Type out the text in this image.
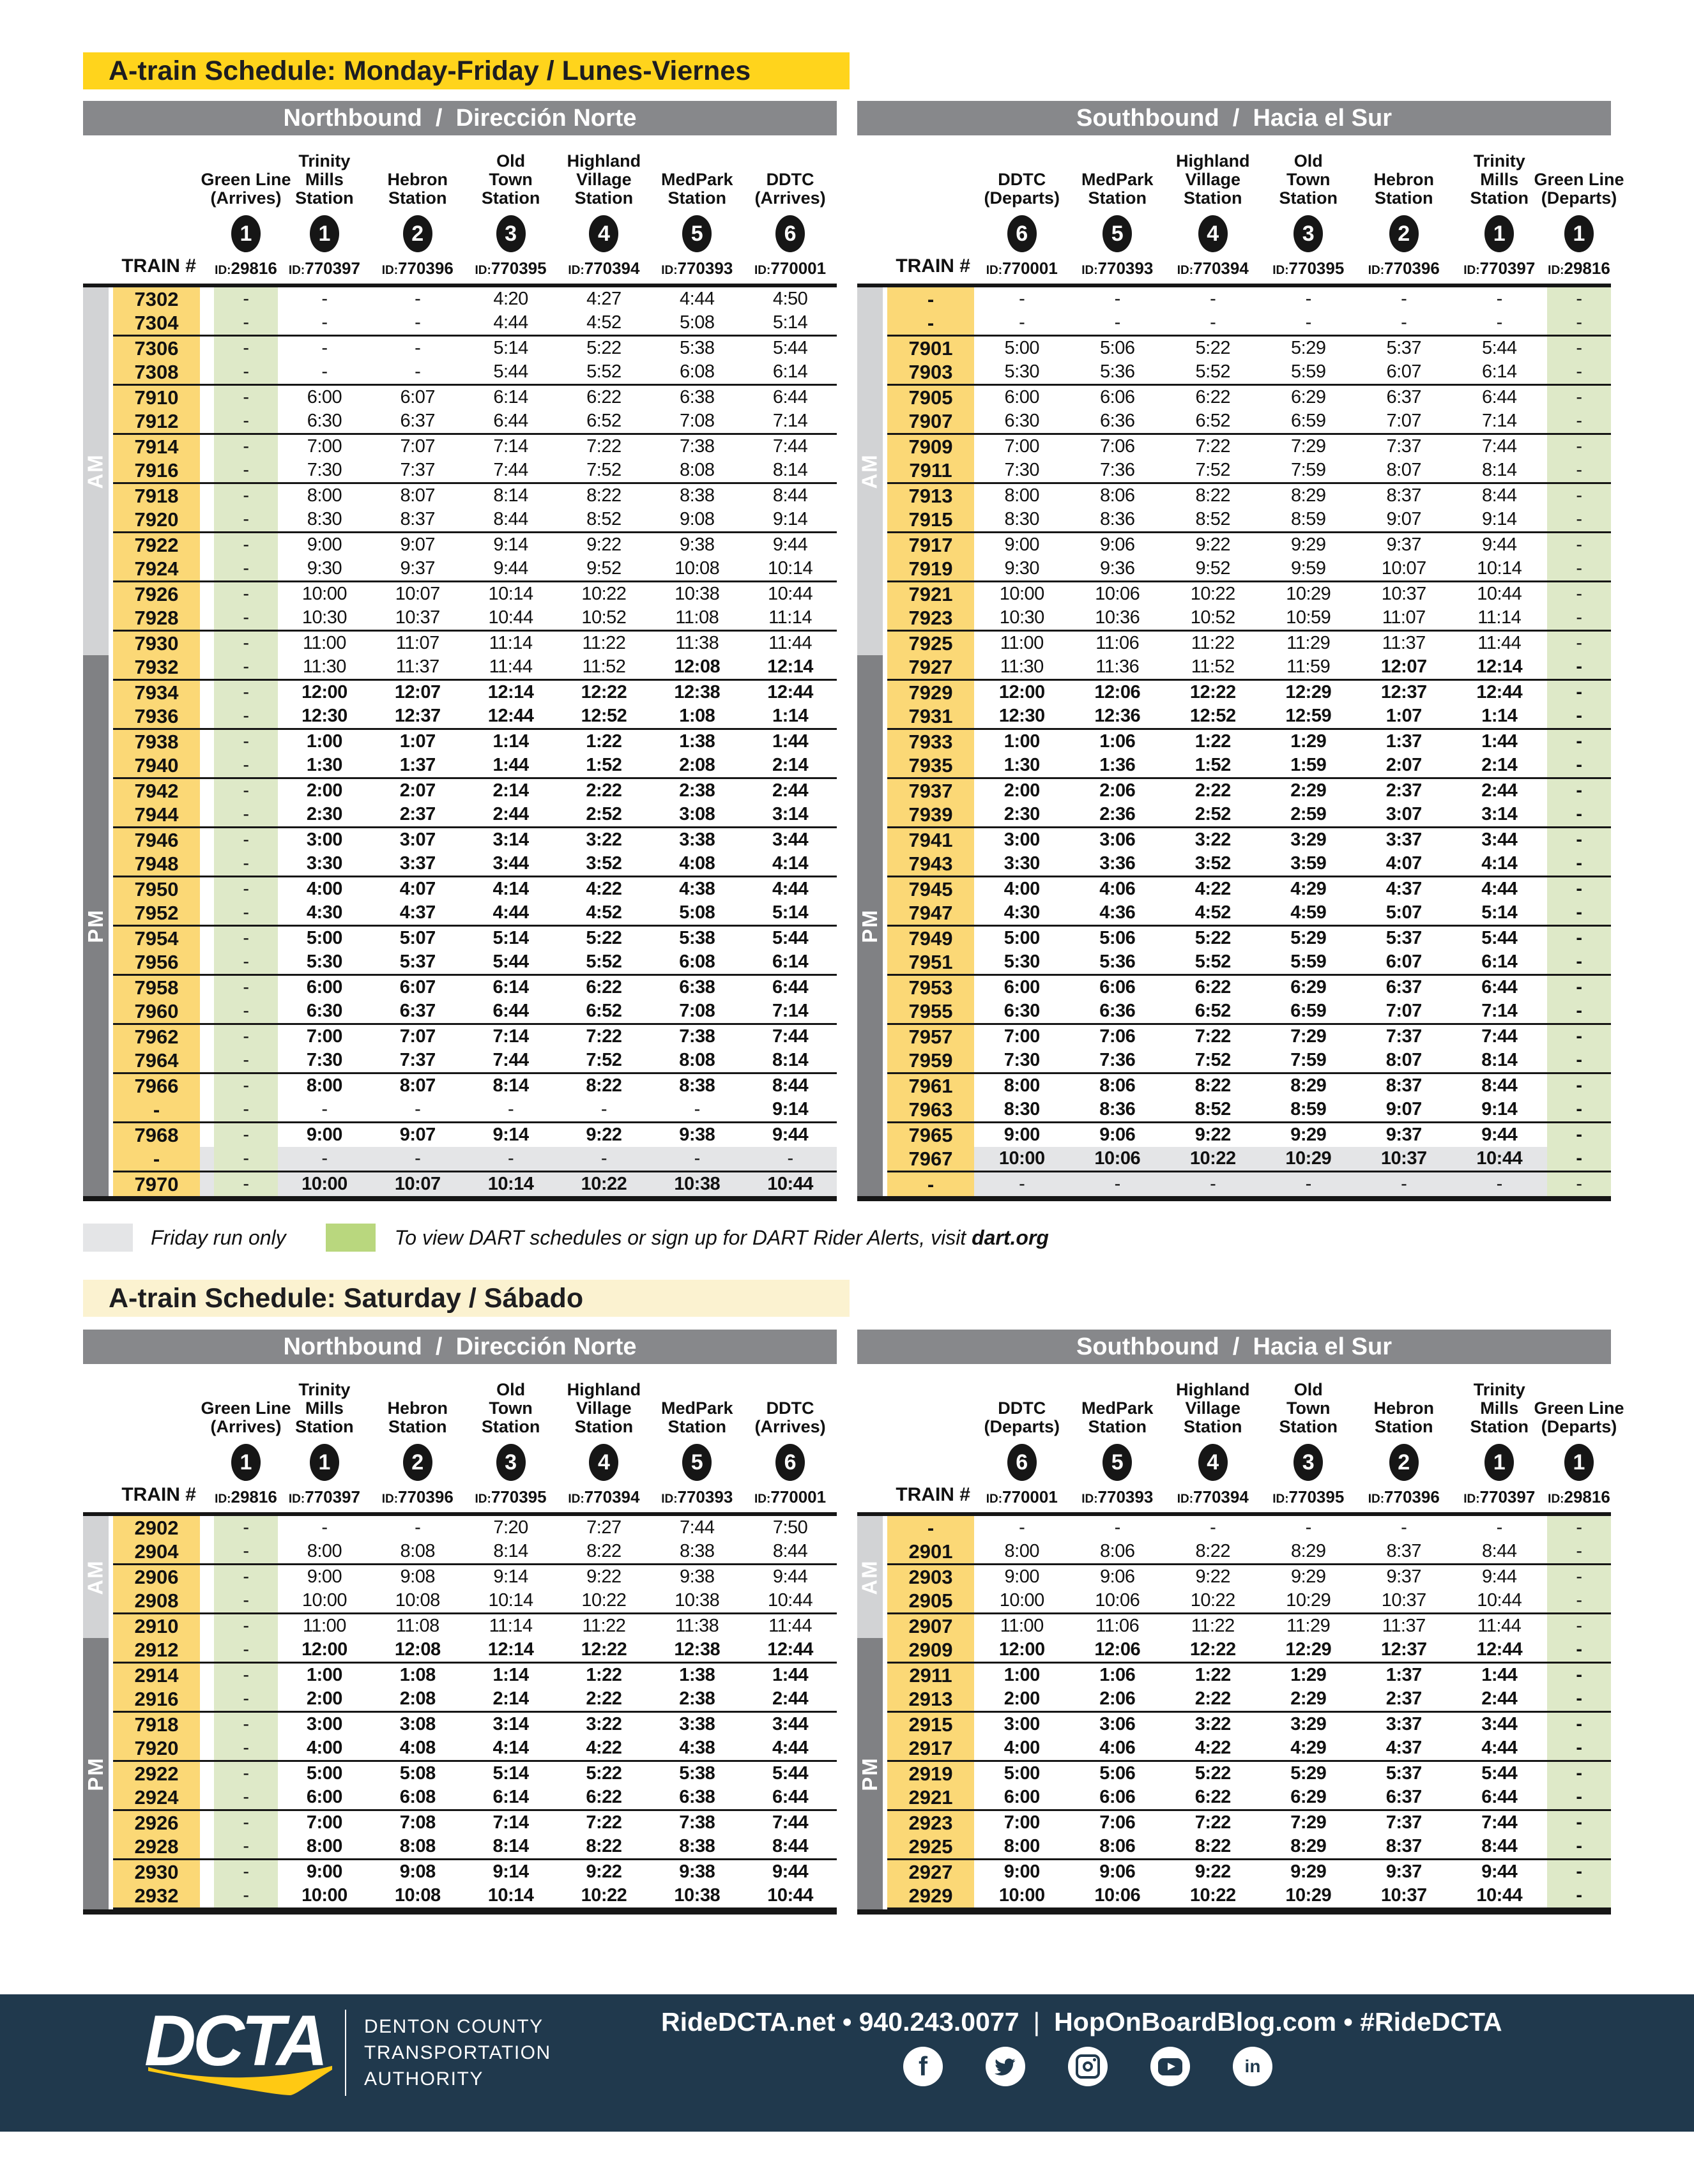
A-train Schedule: Monday-Friday / Lunes-Viernes
Northbound  /  Dirección Norte
TRAIN #
Green Line
(Arrives)
1
ID:29816
Trinity
Mills
Station
1
ID:770397
Hebron
Station
2
ID:770396
Old
Town
Station
3
ID:770395
Highland
Village
Station
4
ID:770394
MedPark
Station
5
ID:770393
DDTC
(Arrives)
6
ID:770001
AM
PM
7302	-	-	-	4:20	4:27	4:44	4:50
7304	-	-	-	4:44	4:52	5:08	5:14
7306	-	-	-	5:14	5:22	5:38	5:44
7308	-	-	-	5:44	5:52	6:08	6:14
7910	-	6:00	6:07	6:14	6:22	6:38	6:44
7912	-	6:30	6:37	6:44	6:52	7:08	7:14
7914	-	7:00	7:07	7:14	7:22	7:38	7:44
7916	-	7:30	7:37	7:44	7:52	8:08	8:14
7918	-	8:00	8:07	8:14	8:22	8:38	8:44
7920	-	8:30	8:37	8:44	8:52	9:08	9:14
7922	-	9:00	9:07	9:14	9:22	9:38	9:44
7924	-	9:30	9:37	9:44	9:52	10:08	10:14
7926	-	10:00	10:07	10:14	10:22	10:38	10:44
7928	-	10:30	10:37	10:44	10:52	11:08	11:14
7930	-	11:00	11:07	11:14	11:22	11:38	11:44
7932	-	11:30	11:37	11:44	11:52	12:08	12:14
7934	-	12:00	12:07	12:14	12:22	12:38	12:44
7936	-	12:30	12:37	12:44	12:52	1:08	1:14
7938	-	1:00	1:07	1:14	1:22	1:38	1:44
7940	-	1:30	1:37	1:44	1:52	2:08	2:14
7942	-	2:00	2:07	2:14	2:22	2:38	2:44
7944	-	2:30	2:37	2:44	2:52	3:08	3:14
7946	-	3:00	3:07	3:14	3:22	3:38	3:44
7948	-	3:30	3:37	3:44	3:52	4:08	4:14
7950	-	4:00	4:07	4:14	4:22	4:38	4:44
7952	-	4:30	4:37	4:44	4:52	5:08	5:14
7954	-	5:00	5:07	5:14	5:22	5:38	5:44
7956	-	5:30	5:37	5:44	5:52	6:08	6:14
7958	-	6:00	6:07	6:14	6:22	6:38	6:44
7960	-	6:30	6:37	6:44	6:52	7:08	7:14
7962	-	7:00	7:07	7:14	7:22	7:38	7:44
7964	-	7:30	7:37	7:44	7:52	8:08	8:14
7966	-	8:00	8:07	8:14	8:22	8:38	8:44
-	-	-	-	-	-	-	9:14
7968	-	9:00	9:07	9:14	9:22	9:38	9:44
-	-	-	-	-	-	-	-
7970	-	10:00	10:07	10:14	10:22	10:38	10:44
Southbound  /  Hacia el Sur
TRAIN #
DDTC
(Departs)
6
ID:770001
MedPark
Station
5
ID:770393
Highland
Village
Station
4
ID:770394
Old
Town
Station
3
ID:770395
Hebron
Station
2
ID:770396
Trinity
Mills
Station
1
ID:770397
Green Line
(Departs)
1
ID:29816
AM
PM
-	-	-	-	-	-	-	-
-	-	-	-	-	-	-	-
7901	5:00	5:06	5:22	5:29	5:37	5:44	-
7903	5:30	5:36	5:52	5:59	6:07	6:14	-
7905	6:00	6:06	6:22	6:29	6:37	6:44	-
7907	6:30	6:36	6:52	6:59	7:07	7:14	-
7909	7:00	7:06	7:22	7:29	7:37	7:44	-
7911	7:30	7:36	7:52	7:59	8:07	8:14	-
7913	8:00	8:06	8:22	8:29	8:37	8:44	-
7915	8:30	8:36	8:52	8:59	9:07	9:14	-
7917	9:00	9:06	9:22	9:29	9:37	9:44	-
7919	9:30	9:36	9:52	9:59	10:07	10:14	-
7921	10:00	10:06	10:22	10:29	10:37	10:44	-
7923	10:30	10:36	10:52	10:59	11:07	11:14	-
7925	11:00	11:06	11:22	11:29	11:37	11:44	-
7927	11:30	11:36	11:52	11:59	12:07	12:14	-
7929	12:00	12:06	12:22	12:29	12:37	12:44	-
7931	12:30	12:36	12:52	12:59	1:07	1:14	-
7933	1:00	1:06	1:22	1:29	1:37	1:44	-
7935	1:30	1:36	1:52	1:59	2:07	2:14	-
7937	2:00	2:06	2:22	2:29	2:37	2:44	-
7939	2:30	2:36	2:52	2:59	3:07	3:14	-
7941	3:00	3:06	3:22	3:29	3:37	3:44	-
7943	3:30	3:36	3:52	3:59	4:07	4:14	-
7945	4:00	4:06	4:22	4:29	4:37	4:44	-
7947	4:30	4:36	4:52	4:59	5:07	5:14	-
7949	5:00	5:06	5:22	5:29	5:37	5:44	-
7951	5:30	5:36	5:52	5:59	6:07	6:14	-
7953	6:00	6:06	6:22	6:29	6:37	6:44	-
7955	6:30	6:36	6:52	6:59	7:07	7:14	-
7957	7:00	7:06	7:22	7:29	7:37	7:44	-
7959	7:30	7:36	7:52	7:59	8:07	8:14	-
7961	8:00	8:06	8:22	8:29	8:37	8:44	-
7963	8:30	8:36	8:52	8:59	9:07	9:14	-
7965	9:00	9:06	9:22	9:29	9:37	9:44	-
7967	10:00	10:06	10:22	10:29	10:37	10:44	-
-	-	-	-	-	-	-	-
Friday run only	To view DART schedules or sign up for DART Rider Alerts, visit dart.org
A-train Schedule: Saturday / Sábado
Northbound  /  Dirección Norte
TRAIN #
Green Line
(Arrives)
1
ID:29816
Trinity
Mills
Station
1
ID:770397
Hebron
Station
2
ID:770396
Old
Town
Station
3
ID:770395
Highland
Village
Station
4
ID:770394
MedPark
Station
5
ID:770393
DDTC
(Arrives)
6
ID:770001
AM
PM
2902	-	-	-	7:20	7:27	7:44	7:50
2904	-	8:00	8:08	8:14	8:22	8:38	8:44
2906	-	9:00	9:08	9:14	9:22	9:38	9:44
2908	-	10:00	10:08	10:14	10:22	10:38	10:44
2910	-	11:00	11:08	11:14	11:22	11:38	11:44
2912	-	12:00	12:08	12:14	12:22	12:38	12:44
2914	-	1:00	1:08	1:14	1:22	1:38	1:44
2916	-	2:00	2:08	2:14	2:22	2:38	2:44
7918	-	3:00	3:08	3:14	3:22	3:38	3:44
7920	-	4:00	4:08	4:14	4:22	4:38	4:44
2922	-	5:00	5:08	5:14	5:22	5:38	5:44
2924	-	6:00	6:08	6:14	6:22	6:38	6:44
2926	-	7:00	7:08	7:14	7:22	7:38	7:44
2928	-	8:00	8:08	8:14	8:22	8:38	8:44
2930	-	9:00	9:08	9:14	9:22	9:38	9:44
2932	-	10:00	10:08	10:14	10:22	10:38	10:44
Southbound  /  Hacia el Sur
TRAIN #
DDTC
(Departs)
6
ID:770001
MedPark
Station
5
ID:770393
Highland
Village
Station
4
ID:770394
Old
Town
Station
3
ID:770395
Hebron
Station
2
ID:770396
Trinity
Mills
Station
1
ID:770397
Green Line
(Departs)
1
ID:29816
AM
PM
-	-	-	-	-	-	-	-
2901	8:00	8:06	8:22	8:29	8:37	8:44	-
2903	9:00	9:06	9:22	9:29	9:37	9:44	-
2905	10:00	10:06	10:22	10:29	10:37	10:44	-
2907	11:00	11:06	11:22	11:29	11:37	11:44	-
2909	12:00	12:06	12:22	12:29	12:37	12:44	-
2911	1:00	1:06	1:22	1:29	1:37	1:44	-
2913	2:00	2:06	2:22	2:29	2:37	2:44	-
2915	3:00	3:06	3:22	3:29	3:37	3:44	-
2917	4:00	4:06	4:22	4:29	4:37	4:44	-
2919	5:00	5:06	5:22	5:29	5:37	5:44	-
2921	6:00	6:06	6:22	6:29	6:37	6:44	-
2923	7:00	7:06	7:22	7:29	7:37	7:44	-
2925	8:00	8:06	8:22	8:29	8:37	8:44	-
2927	9:00	9:06	9:22	9:29	9:37	9:44	-
2929	10:00	10:06	10:22	10:29	10:37	10:44	-
DCTA DENTON COUNTY
TRANSPORTATION
AUTHORITY
RideDCTA.net • 940.243.0077 | HopOnBoardBlog.com • #RideDCTA
f	in
